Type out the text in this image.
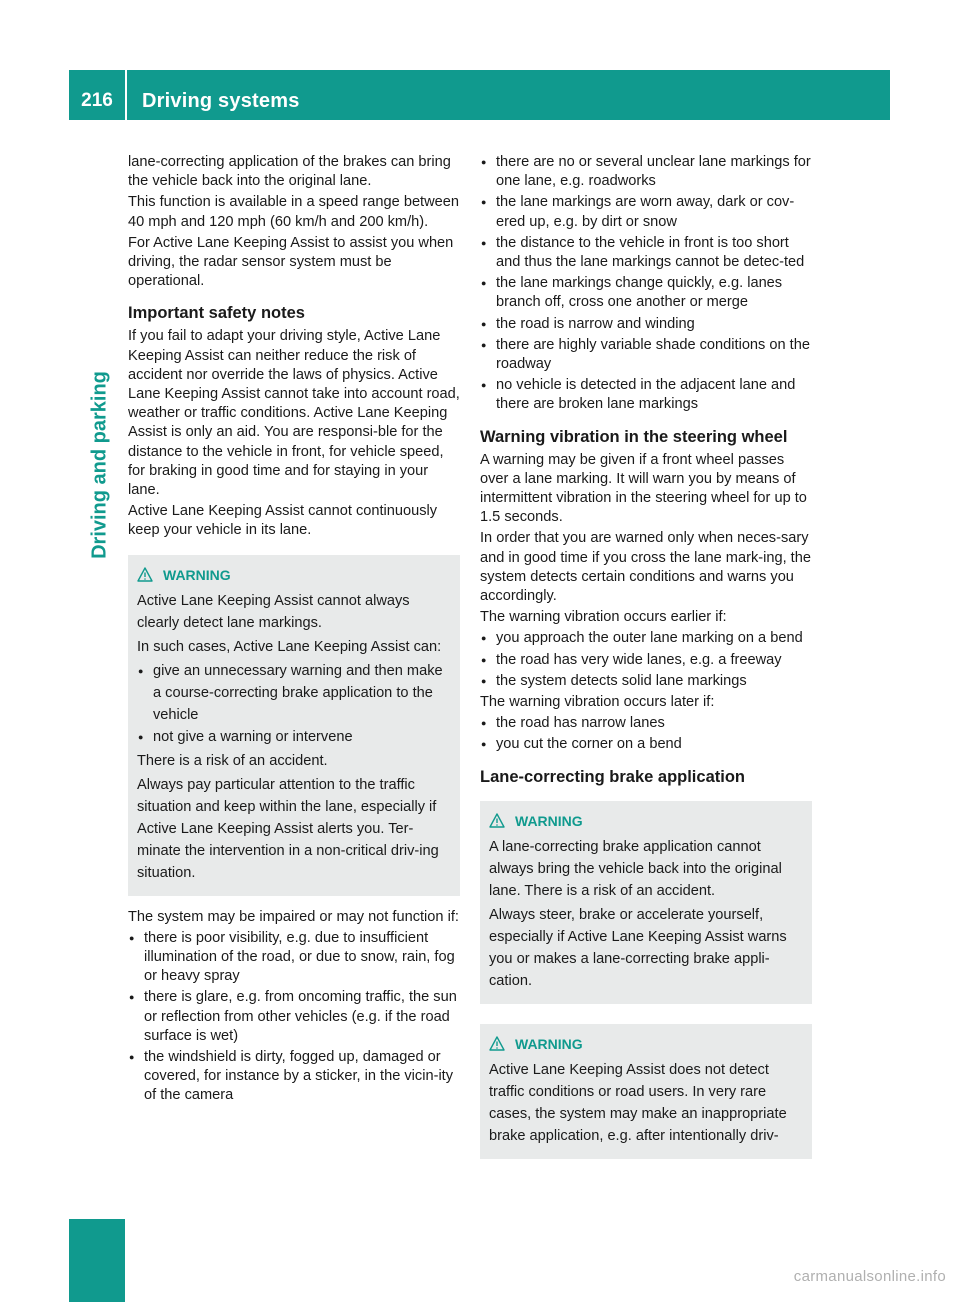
216	Driving systems
Driving and parking
lane-correcting application of the brakes can bring the vehicle back into the original lane.
This function is available in a speed range between 40 mph and 120 mph (60 km/h and 200 km/h).
For Active Lane Keeping Assist to assist you when driving, the radar sensor system must be operational.
Important safety notes
If you fail to adapt your driving style, Active Lane Keeping Assist can neither reduce the risk of accident nor override the laws of physics. Active Lane Keeping Assist cannot take into account road, weather or traffic conditions. Active Lane Keeping Assist is only an aid. You are responsi-ble for the distance to the vehicle in front, for vehicle speed, for braking in good time and for staying in your lane.
Active Lane Keeping Assist cannot continuously keep your vehicle in its lane.
WARNING
Active Lane Keeping Assist cannot always clearly detect lane markings.
In such cases, Active Lane Keeping Assist can:
● give an unnecessary warning and then make a course-correcting brake application to the vehicle
● not give a warning or intervene
There is a risk of an accident.
Always pay particular attention to the traffic situation and keep within the lane, especially if Active Lane Keeping Assist alerts you. Ter-minate the intervention in a non-critical driv-ing situation.
The system may be impaired or may not function if:
● there is poor visibility, e.g. due to insufficient illumination of the road, or due to snow, rain, fog or heavy spray
● there is glare, e.g. from oncoming traffic, the sun or reflection from other vehicles (e.g. if the road surface is wet)
● the windshield is dirty, fogged up, damaged or covered, for instance by a sticker, in the vicin-ity of the camera
● there are no or several unclear lane markings for one lane, e.g. roadworks
● the lane markings are worn away, dark or cov-ered up, e.g. by dirt or snow
● the distance to the vehicle in front is too short and thus the lane markings cannot be detec-ted
● the lane markings change quickly, e.g. lanes branch off, cross one another or merge
● the road is narrow and winding
● there are highly variable shade conditions on the roadway
● no vehicle is detected in the adjacent lane and there are broken lane markings
Warning vibration in the steering wheel
A warning may be given if a front wheel passes over a lane marking. It will warn you by means of intermittent vibration in the steering wheel for up to 1.5 seconds.
In order that you are warned only when neces-sary and in good time if you cross the lane mark-ing, the system detects certain conditions and warns you accordingly.
The warning vibration occurs earlier if:
● you approach the outer lane marking on a bend
● the road has very wide lanes, e.g. a freeway
● the system detects solid lane markings
The warning vibration occurs later if:
● the road has narrow lanes
● you cut the corner on a bend
Lane-correcting brake application
WARNING
A lane-correcting brake application cannot always bring the vehicle back into the original lane. There is a risk of an accident.
Always steer, brake or accelerate yourself, especially if Active Lane Keeping Assist warns you or makes a lane-correcting brake appli-cation.
WARNING
Active Lane Keeping Assist does not detect traffic conditions or road users. In very rare cases, the system may make an inappropriate brake application, e.g. after intentionally driv-
carmanualsonline.info
